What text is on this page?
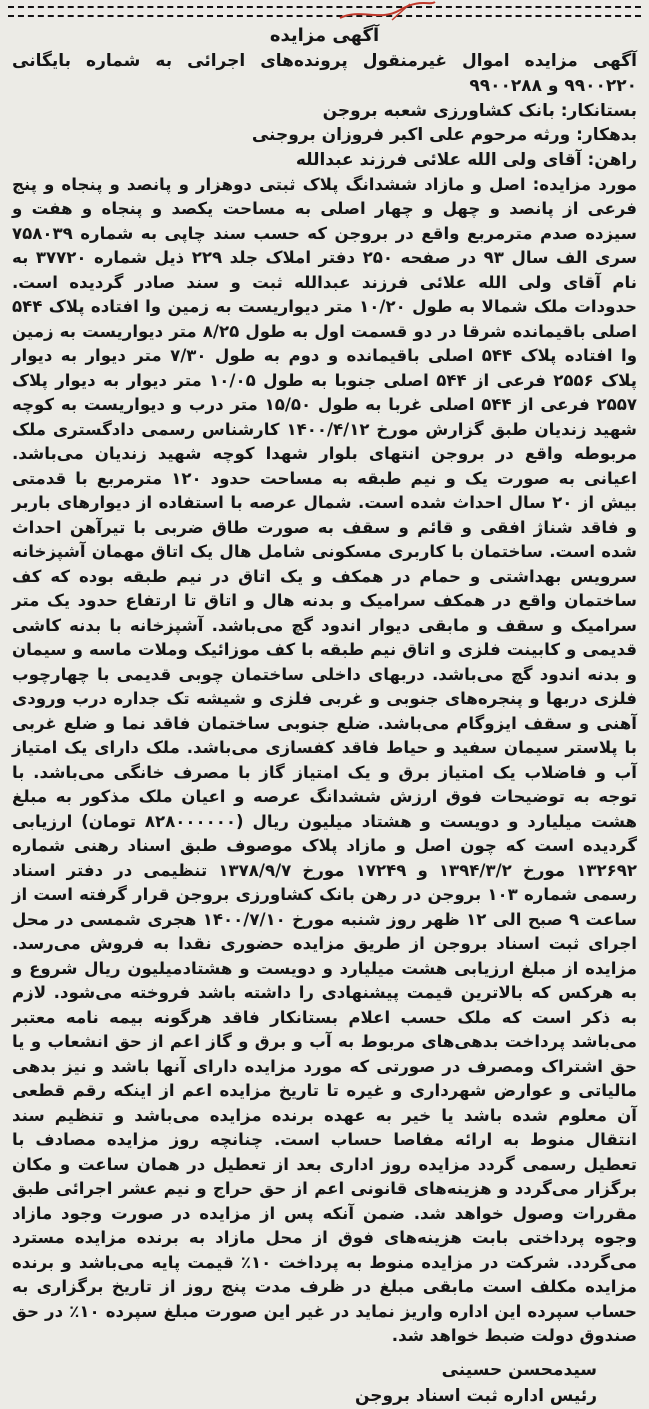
آگهی مزایده

آگهی مزایده اموال غیرمنقول پرونده‌های اجرائی به شماره بایگانی ۹۹۰۰۲۲۰ و ۹۹۰۰۲۸۸

بستانکار: بانک کشاورزی شعبه بروجن

بدهکار: ورثه مرحوم علی اکبر فروزان بروجنی

راهن: آقای ولی الله علائی فرزند عبدالله

مورد مزایده: اصل و مازاد ششدانگ پلاک ثبتی دوهزار و پانصد و پنجاه و پنج فرعی از پانصد و چهل و چهار اصلی به مساحت یکصد و پنجاه و هفت و سیزده صدم مترمربع واقع در بروجن که حسب سند چاپی به شماره ۷۵۸۰۳۹ سری الف سال ۹۳ در صفحه ۲۵۰ دفتر املاک جلد ۲۲۹ ذیل شماره ۳۷۷۲۰ به نام آقای ولی الله علائی فرزند عبدالله ثبت و سند صادر گردیده است. حدودات ملک شمالا به طول ۱۰/۲۰ متر دیواریست به زمین وا افتاده پلاک ۵۴۴ اصلی باقیمانده شرقا در دو قسمت اول به طول ۸/۲۵ متر دیواریست به زمین وا افتاده پلاک ۵۴۴ اصلی باقیمانده و دوم به طول ۷/۳۰ متر دیوار به دیوار پلاک ۲۵۵۶ فرعی از ۵۴۴ اصلی جنوبا به طول ۱۰/۰۵ متر دیوار به دیوار پلاک ۲۵۵۷ فرعی از ۵۴۴ اصلی غربا به طول ۱۵/۵۰ متر درب و دیواریست به کوچه شهید زندیان طبق گزارش مورخ ۱۴۰۰/۴/۱۲ کارشناس رسمی دادگستری ملک مربوطه واقع در بروجن انتهای بلوار شهدا کوچه شهید زندیان می‌باشد. اعیانی به صورت یک و نیم طبقه به مساحت حدود ۱۲۰ مترمربع با قدمتی بیش از ۲۰ سال احداث شده است. شمال عرصه با استفاده از دیوارهای باربر و فاقد شناژ افقی و قائم و سقف به صورت طاق ضربی با تیرآهن احداث شده است. ساختمان با کاربری مسکونی شامل هال یک اتاق مهمان آشپزخانه سرویس بهداشتی و حمام در همکف و یک اتاق در نیم طبقه بوده که کف ساختمان واقع در همکف سرامیک و بدنه هال و اتاق تا ارتفاع حدود یک متر سرامیک و سقف و مابقی دیوار اندود گچ می‌باشد. آشپزخانه با بدنه کاشی قدیمی و کابینت فلزی و اتاق نیم طبقه با کف موزائیک وملات ماسه و سیمان و بدنه اندود گچ می‌باشد. دربهای داخلی ساختمان چوبی قدیمی با چهارچوب فلزی دربها و پنجره‌های جنوبی و غربی فلزی و شیشه تک جداره درب ورودی آهنی و سقف ایزوگام می‌باشد. ضلع جنوبی ساختمان فاقد نما و ضلع غربی با پلاستر سیمان سفید و حیاط فاقد کفسازی می‌باشد. ملک دارای یک امتیاز آب و فاضلاب یک امتیاز برق و یک امتیاز گاز با مصرف خانگی می‌باشد. با توجه به توضیحات فوق ارزش ششدانگ عرصه و اعیان ملک مذکور به مبلغ هشت میلیارد و دویست و هشتاد میلیون ریال (۸۲۸۰۰۰۰۰۰ تومان) ارزیابی گردیده است که چون اصل و مازاد پلاک موصوف طبق اسناد رهنی شماره ۱۳۲۶۹۲ مورخ ۱۳۹۴/۳/۲ و ۱۷۲۴۹ مورخ ۱۳۷۸/۹/۷ تنظیمی در دفتر اسناد رسمی شماره ۱۰۳ بروجن در رهن بانک کشاورزی بروجن قرار گرفته است از ساعت ۹ صبح الی ۱۲ ظهر روز شنبه مورخ ۱۴۰۰/۷/۱۰ هجری شمسی در محل اجرای ثبت اسناد بروجن از طریق مزایده حضوری نقدا به فروش می‌رسد. مزایده از مبلغ ارزیابی هشت میلیارد و دویست و هشتادمیلیون ریال شروع و به هرکس که بالاترین قیمت پیشنهادی را داشته باشد فروخته می‌شود. لازم به ذکر است که ملک حسب اعلام بستانکار فاقد هرگونه بیمه نامه معتبر می‌باشد پرداخت بدهی‌های مربوط به آب و برق و گاز اعم از حق انشعاب و یا حق اشتراک ومصرف در صورتی که مورد مزایده دارای آنها باشد و نیز بدهی مالیاتی و عوارض شهرداری و غیره تا تاریخ مزایده اعم از اینکه رقم قطعی آن معلوم شده باشد یا خیر به عهده برنده مزایده می‌باشد و تنظیم سند انتقال منوط به ارائه مفاصا حساب است. چنانچه روز مزایده مصادف با تعطیل رسمی گردد مزایده روز اداری بعد از تعطیل در همان ساعت و مکان برگزار می‌گردد و هزینه‌های قانونی اعم از حق حراج و نیم عشر اجرائی طبق مقررات وصول خواهد شد. ضمن آنکه پس از مزایده در صورت وجود مازاد وجوه پرداختی بابت هزینه‌های فوق از محل مازاد به برنده مزایده مسترد می‌گردد. شرکت در مزایده منوط به پرداخت ۱۰٪ قیمت پایه می‌باشد و برنده مزایده مکلف است مابقی مبلغ در ظرف مدت پنج روز از تاریخ برگزاری به حساب سپرده این اداره واریز نماید در غیر این صورت مبلغ سپرده ۱۰٪ در حق صندوق دولت ضبط خواهد شد.

سیدمحسن حسینی
رئیس اداره ثبت اسناد بروجن
